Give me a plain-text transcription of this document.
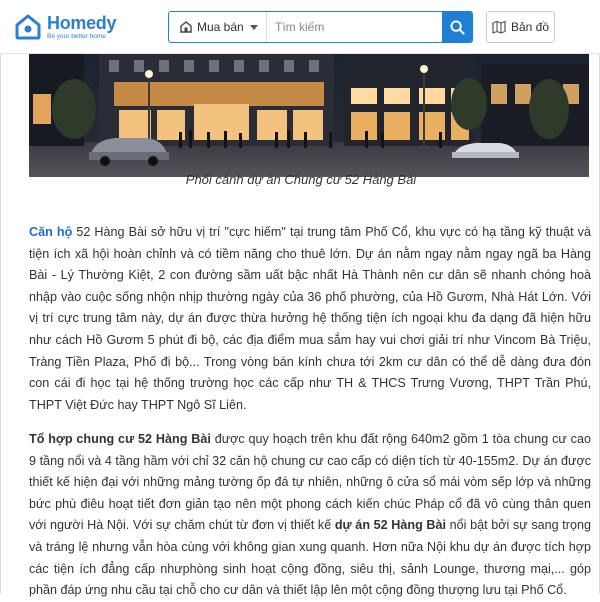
Homedy
Be your better home
Mua bán
Tìm kiếm	Bản đồ
Phối cảnh dự án Chung cư 52 Hàng Bài

Căn hộ 52 Hàng Bài sở hữu vị trí "cực hiếm" tại trung tâm Phố Cổ, khu vực có hạ tầng kỹ thuật và tiện ích xã hội hoàn chỉnh và có tiềm năng cho thuê lớn. Dự án nằm ngay nằm ngay ngã ba Hàng Bài - Lý Thường Kiệt, 2 con đường sầm uất bậc nhất Hà Thành nên cư dân sẽ nhanh chóng hoà nhập vào cuộc sống nhộn nhịp thường ngày của 36 phố phường, của Hồ Gươm, Nhà Hát Lớn. Với vị trí cực trung tâm này, dự án được thừa hưởng hệ thống tiện ích ngoại khu đa dạng đã hiện hữu như cách Hồ Gươm 5 phút đi bộ, các địa điểm mua sắm hay vui chơi giải trí như Vincom Bà Triệu, Tràng Tiền Plaza, Phố đi bộ... Trong vòng bán kính chưa tới 2km cư dân có thể dễ dàng đưa đón con cái đi học tại hệ thống trường học các cấp như TH & THCS Trưng Vương, THPT Trần Phú, THPT Việt Đức hay THPT Ngô Sĩ Liên.

Tổ hợp chung cư 52 Hàng Bài được quy hoạch trên khu đất rộng 640m2 gồm 1 tòa chung cư cao 9 tầng nổi và 4 tầng hầm với chỉ 32 căn hộ chung cư cao cấp có diện tích từ 40-155m2. Dự án được thiết kế hiện đại với những mảng tường ốp đá tự nhiên, những ô cửa sổ mái vòm sếp lớp và những bức phù điêu hoạt tiết đơn giản tạo nên một phong cách kiến chúc Pháp cổ đã vô cùng thân quen với người Hà Nội. Với sự chăm chút từ đơn vị thiết kế dự án 52 Hàng Bài nổi bật bởi sự sang trọng và tráng lệ nhưng vẫn hòa cùng với không gian xung quanh. Hơn nữa Nội khu dự án được tích hợp các tiện ích đẳng cấp nhưphòng sinh hoạt cộng đồng, siêu thị, sảnh Lounge, thương mại,... góp phần đáp ứng nhu cầu tại chỗ cho cư dân và thiết lập lên một cộng đồng thượng lưu tại Phố Cổ.
